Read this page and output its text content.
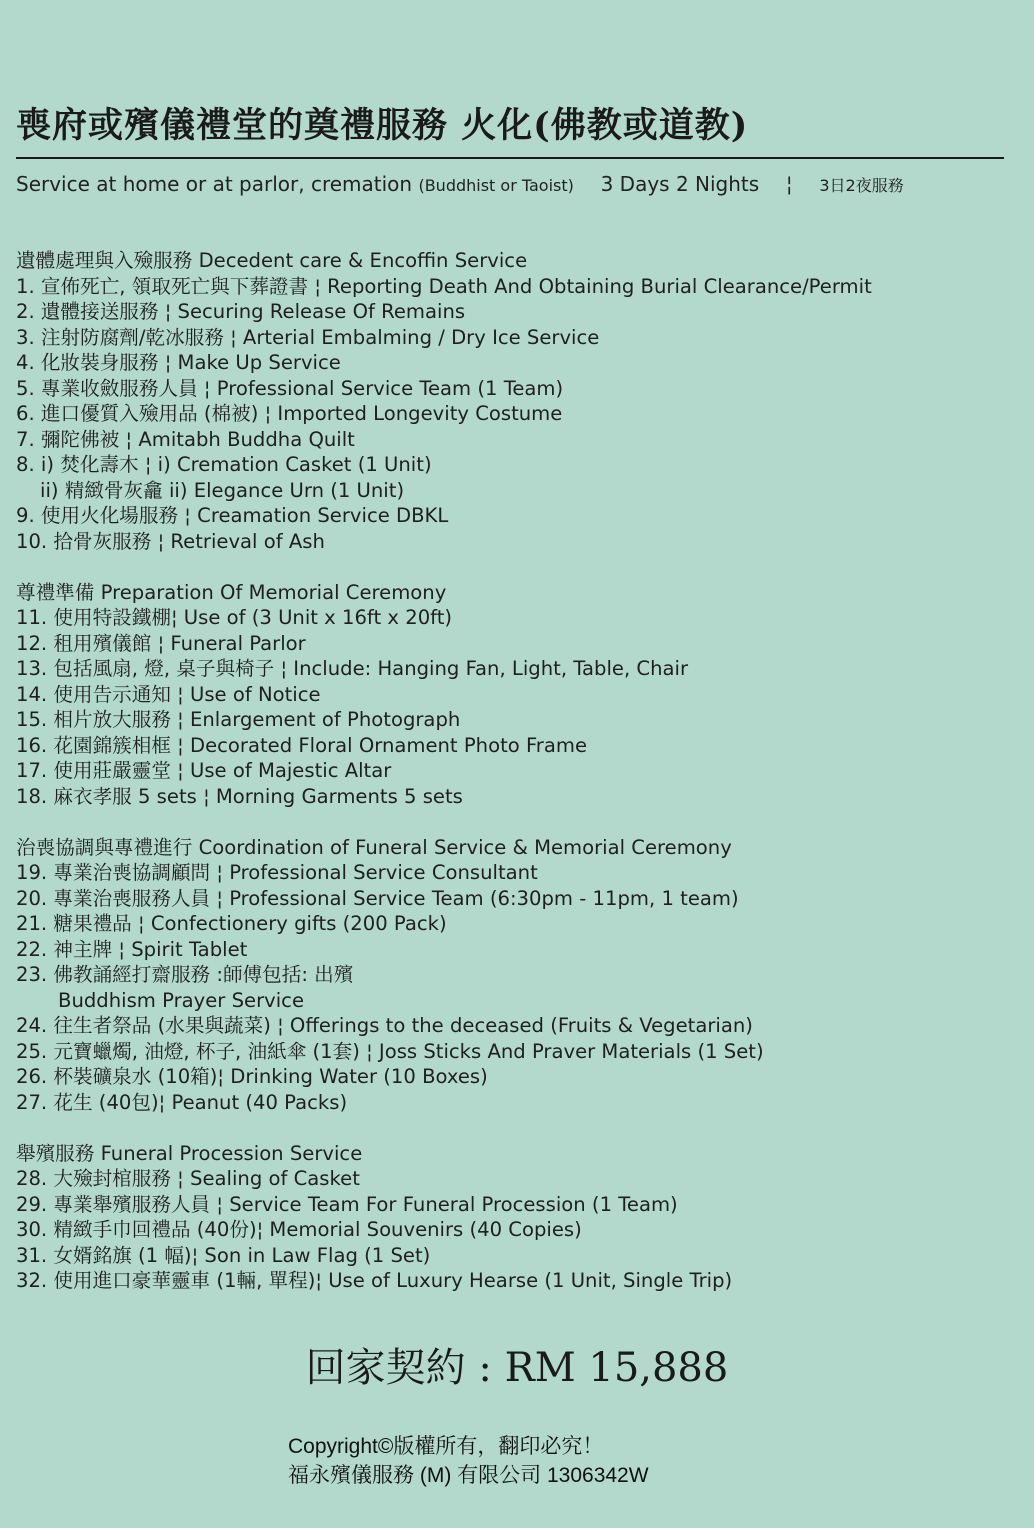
喪府或殯儀禮堂的奠禮服務 火化(佛教或道教)
Service at home or at parlor, cremation (Buddhist or Taoist) 3 Days 2 Nights ¦ 3日2夜服務
遺體處理與入殮服務 Decedent care & Encoffin Service
1. 宣佈死亡, 領取死亡與下葬證書 ¦ Reporting Death And Obtaining Burial Clearance/Permit
2. 遺體接送服務 ¦ Securing Release Of Remains
3. 注射防腐劑/乾冰服務 ¦ Arterial Embalming / Dry Ice Service
4. 化妝裝身服務 ¦ Make Up Service
5. 專業收斂服務人員 ¦ Professional Service Team (1 Team)
6. 進口優質入殮用品 (棉被) ¦ Imported Longevity Costume
7. 彌陀佛被 ¦ Amitabh Buddha Quilt
8. i) 焚化壽木 ¦ i) Cremation Casket (1 Unit)
ii) 精緻骨灰龕 ii) Elegance Urn (1 Unit)
9. 使用火化場服務 ¦ Creamation Service DBKL
10. 拾骨灰服務 ¦ Retrieval of Ash
尊禮準備 Preparation Of Memorial Ceremony
11. 使用特設鐵棚¦ Use of (3 Unit x 16ft x 20ft)
12. 租用殯儀館 ¦ Funeral Parlor
13. 包括風扇, 燈, 桌子與椅子 ¦ Include: Hanging Fan, Light, Table, Chair
14. 使用告示通知 ¦ Use of Notice
15. 相片放大服務 ¦ Enlargement of Photograph
16. 花園錦簇相框 ¦ Decorated Floral Ornament Photo Frame
17. 使用莊嚴靈堂 ¦ Use of Majestic Altar
18. 麻衣孝服 5 sets ¦ Morning Garments 5 sets
治喪協調與專禮進行 Coordination of Funeral Service & Memorial Ceremony
19. 專業治喪協調顧問 ¦ Professional Service Consultant
20. 專業治喪服務人員 ¦ Professional Service Team (6:30pm - 11pm, 1 team)
21. 糖果禮品 ¦ Confectionery gifts (200 Pack)
22. 神主牌 ¦ Spirit Tablet
23. 佛教誦經打齋服務 :師傅包括: 出殯
Buddhism Prayer Service
24. 往生者祭品 (水果與蔬菜) ¦ Offerings to the deceased (Fruits & Vegetarian)
25. 元寶蠟燭, 油燈, 杯子, 油紙傘 (1套) ¦ Joss Sticks And Praver Materials (1 Set)
26. 杯裝礦泉水 (10箱)¦ Drinking Water (10 Boxes)
27. 花生 (40包)¦ Peanut (40 Packs)
舉殯服務 Funeral Procession Service
28. 大殮封棺服務 ¦ Sealing of Casket
29. 專業舉殯服務人員 ¦ Service Team For Funeral Procession (1 Team)
30. 精緻手巾回禮品 (40份)¦ Memorial Souvenirs (40 Copies)
31. 女婿銘旗 (1 幅)¦ Son in Law Flag (1 Set)
32. 使用進口豪華靈車 (1輛, 單程)¦ Use of Luxury Hearse (1 Unit, Single Trip)
回家契約 : RM 15,888
Copyright©版權所有，翻印必究！
福永殯儀服務 (M) 有限公司 1306342W
